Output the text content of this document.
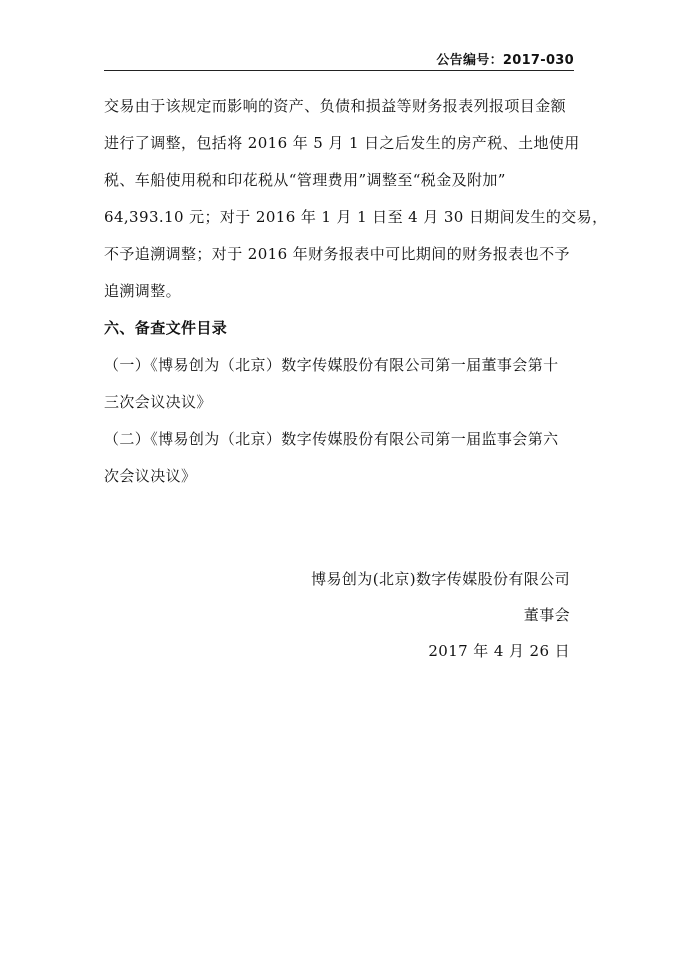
公告编号：2017-030
交易由于该规定而影响的资产、负债和损益等财务报表列报项目金额
进行了调整，包括将 2016 年 5 月 1 日之后发生的房产税、土地使用
税、车船使用税和印花税从“管理费用”调整至“税金及附加”
64,393.10 元；对于 2016 年 1 月 1 日至 4 月 30 日期间发生的交易，
不予追溯调整；对于 2016 年财务报表中可比期间的财务报表也不予
追溯调整。
六、备查文件目录
（一）《博易创为（北京）数字传媒股份有限公司第一届董事会第十
三次会议决议》
（二）《博易创为（北京）数字传媒股份有限公司第一届监事会第六
次会议决议》
博易创为(北京)数字传媒股份有限公司
董事会
2017 年 4 月 26 日
